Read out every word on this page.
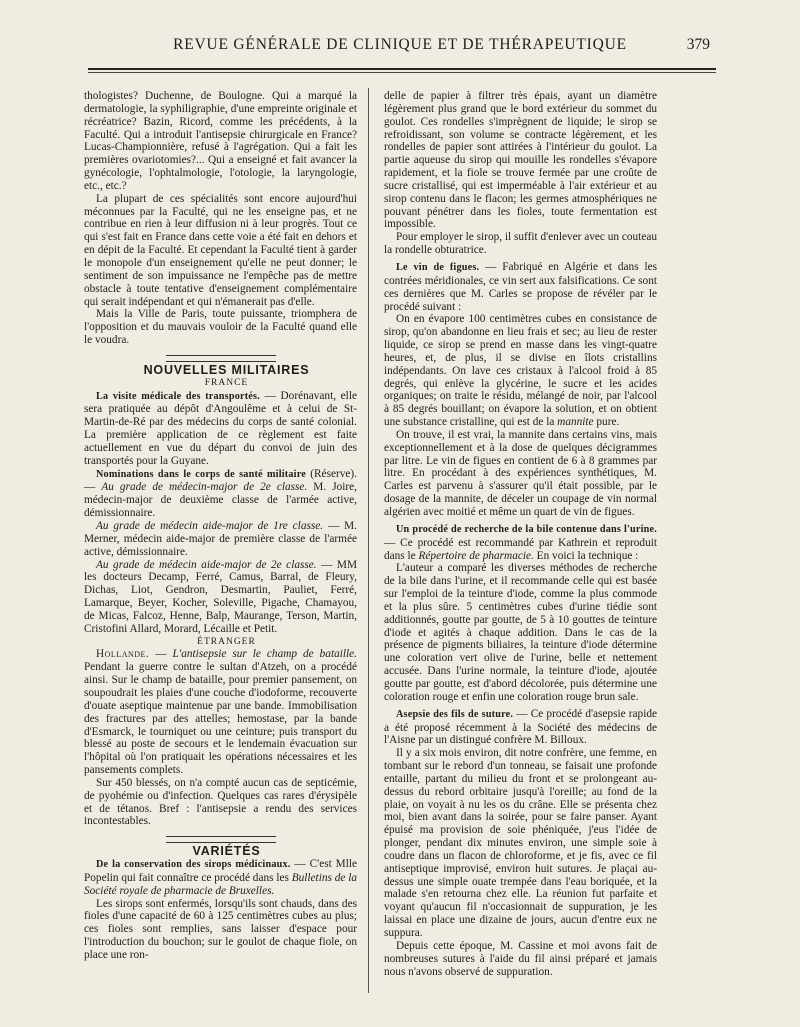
REVUE GÉNÉRALE DE CLINIQUE ET DE THÉRAPEUTIQUE	379

thologistes? Duchenne, de Boulogne. Qui a marqué la dermatologie, la syphiligraphie, d'une empreinte originale et récréatrice? Bazin, Ricord, comme les précédents, à la Faculté. Qui a introduit l'antisepsie chirurgicale en France? Lucas-Championnière, refusé à l'agrégation. Qui a fait les premières ovariotomies?... Qui a enseigné et fait avancer la gynécologie, l'ophtalmologie, l'otologie, la laryngologie, etc., etc.?

La plupart de ces spécialités sont encore aujourd'hui méconnues par la Faculté, qui ne les enseigne pas, et ne contribue en rien à leur diffusion ni à leur progrès. Tout ce qui s'est fait en France dans cette voie a été fait en dehors et en dépit de la Faculté. Et cependant la Faculté tient à garder le monopole d'un enseignement qu'elle ne peut donner; le sentiment de son impuissance ne l'empêche pas de mettre obstacle à toute tentative d'enseignement complémentaire qui serait indépendant et qui n'émanerait pas d'elle.

Mais la Ville de Paris, toute puissante, triomphera de l'opposition et du mauvais vouloir de la Faculté quand elle le voudra.

NOUVELLES MILITAIRES

FRANCE

La visite médicale des transportés. — Dorénavant, elle sera pratiquée au dépôt d'Angoulême et à celui de St-Martin-de-Ré par des médecins du corps de santé colonial. La première application de ce règlement est faite actuellement en vue du départ du convoi de juin des transportés pour la Guyane.

Nominations dans le corps de santé militaire (Réserve). — Au grade de médecin-major de 2e classe. M. Joire, médecin-major de deuxième classe de l'armée active, démissionnaire.

Au grade de médecin aide-major de 1re classe. — M. Merner, médecin aide-major de première classe de l'armée active, démissionnaire.

Au grade de médecin aide-major de 2e classe. — MM les docteurs Decamp, Ferré, Camus, Barral, de Fleury, Dichas, Liot, Gendron, Desmartin, Pauliet, Ferré, Lamarque, Beyer, Kocher, Soleville, Pigache, Chamayou, de Micas, Falcoz, Henne, Balp, Maurange, Terson, Martin, Cristofini Allard, Morard, Lécaille et Petit.

ÉTRANGER

Hollande. — L'antisepsie sur le champ de bataille. Pendant la guerre contre le sultan d'Atzeh, on a procédé ainsi. Sur le champ de bataille, pour premier pansement, on soupoudrait les plaies d'une couche d'iodoforme, recouverte d'ouate aseptique maintenue par une bande. Immobilisation des fractures par des attelles; hemostase, par la bande d'Esmarck, le tourniquet ou une ceinture; puis transport du blessé au poste de secours et le lendemain évacuation sur l'hôpital où l'on pratiquait les opérations nécessaires et les pansements complets.

Sur 450 blessés, on n'a compté aucun cas de septicémie, de pyohémie ou d'infection. Quelques cas rares d'érysipèle et de tétanos. Bref : l'antisepsie a rendu des services incontestables.

VARIÉTÉS

De la conservation des sirops médicinaux. — C'est Mlle Popelin qui fait connaître ce procédé dans les Bulletins de la Société royale de pharmacie de Bruxelles.

Les sirops sont enfermés, lorsqu'ils sont chauds, dans des fioles d'une capacité de 60 à 125 centimètres cubes au plus; ces fioles sont remplies, sans laisser d'espace pour l'introduction du bouchon; sur le goulot de chaque fiole, on place une ron-

delle de papier à filtrer très épais, ayant un diamètre légèrement plus grand que le bord extérieur du sommet du goulot. Ces rondelles s'imprègnent de liquide; le sirop se refroidissant, son volume se contracte légèrement, et les rondelles de papier sont attirées à l'intérieur du goulot. La partie aqueuse du sirop qui mouille les rondelles s'évapore rapidement, et la fiole se trouve fermée par une croûte de sucre cristallisé, qui est imperméable à l'air extérieur et au sirop contenu dans le flacon; les germes atmosphériques ne pouvant pénétrer dans les fioles, toute fermentation est impossible.

Pour employer le sirop, il suffit d'enlever avec un couteau la rondelle obturatrice.

Le vin de figues. — Fabriqué en Algérie et dans les contrées méridionales, ce vin sert aux falsifications. Ce sont ces dernières que M. Carles se propose de révéler par le procédé suivant :

On en évapore 100 centimètres cubes en consistance de sirop, qu'on abandonne en lieu frais et sec; au lieu de rester liquide, ce sirop se prend en masse dans les vingt-quatre heures, et, de plus, il se divise en îlots cristallins indépendants. On lave ces cristaux à l'alcool froid à 85 degrés, qui enlève la glycérine, le sucre et les acides organiques; on traite le résidu, mélangé de noir, par l'alcool à 85 degrés bouillant; on évapore la solution, et on obtient une substance cristalline, qui est de la mannite pure.

On trouve, il est vrai, la mannite dans certains vins, mais exceptionnellement et à la dose de quelques décigrammes par litre. Le vin de figues en contient de 6 à 8 grammes par litre. En procédant à des expériences synthétiques, M. Carles est parvenu à s'assurer qu'il était possible, par le dosage de la mannite, de déceler un coupage de vin normal algérien avec moitié et même un quart de vin de figues.

Un procédé de recherche de la bile contenue dans l'urine. — Ce procédé est recommandé par Kathrein et reproduit dans le Répertoire de pharmacie. En voici la technique :

L'auteur a comparé les diverses méthodes de recherche de la bile dans l'urine, et il recommande celle qui est basée sur l'emploi de la teinture d'iode, comme la plus commode et la plus sûre. 5 centimètres cubes d'urine tiédie sont additionnés, goutte par goutte, de 5 à 10 gouttes de teinture d'iode et agités à chaque addition. Dans le cas de la présence de pigments biliaires, la teinture d'iode détermine une coloration vert olive de l'urine, belle et nettement accusée. Dans l'urine normale, la teinture d'iode, ajoutée goutte par goutte, est d'abord décolorée, puis détermine une coloration rouge et enfin une coloration rouge brun sale.

Asepsie des fils de suture. — Ce procédé d'asepsie rapide a été proposé récemment à la Société des médecins de l'Aisne par un distingué confrère M. Billoux.

Il y a six mois environ, dit notre confrère, une femme, en tombant sur le rebord d'un tonneau, se faisait une profonde entaille, partant du milieu du front et se prolongeant au-dessus du rebord orbitaire jusqu'à l'oreille; au fond de la plaie, on voyait à nu les os du crâne. Elle se présenta chez moi, bien avant dans la soirée, pour se faire panser. Ayant épuisé ma provision de soie phéniquée, j'eus l'idée de plonger, pendant dix minutes environ, une simple soie à coudre dans un flacon de chloroforme, et je fis, avec ce fil antiseptique improvisé, environ huit sutures. Je plaçai au-dessus une simple ouate trempée dans l'eau boriquée, et la malade s'en retourna chez elle. La réunion fut parfaite et voyant qu'aucun fil n'occasionnait de suppuration, je les laissai en place une dizaine de jours, aucun d'entre eux ne suppura.

Depuis cette époque, M. Cassine et moi avons fait de nombreuses sutures à l'aide du fil ainsi préparé et jamais nous n'avons observé de suppuration.
